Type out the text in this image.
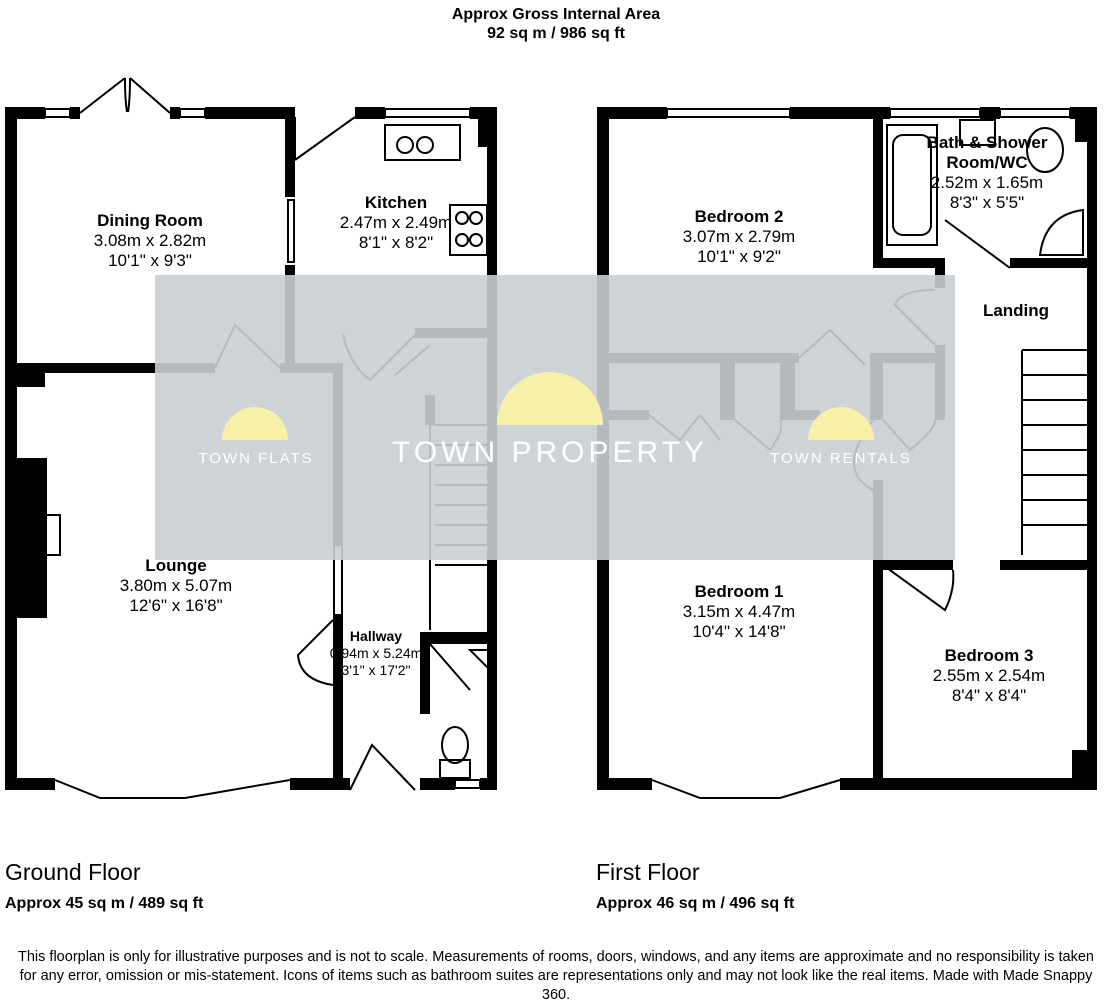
Approx Gross Internal Area
92 sq m / 986 sq ft
TOWN FLATS	TOWN PROPERTY	TOWN RENTALS
Dining Room
3.08m x 2.82m
10'1" x 9'3"
Kitchen
2.47m x 2.49m
8'1" x 8'2"
Lounge
3.80m x 5.07m
12'6" x 16'8"
Hallway
0.94m x 5.24m
3'1" x 17'2"
Bedroom 2
3.07m x 2.79m
10'1" x 9'2"
Bath & Shower
Room/WC
2.52m x 1.65m
8'3" x 5'5"
Landing
Bedroom 1
3.15m x 4.47m
10'4" x 14'8"
Bedroom 3
2.55m x 2.54m
8'4" x 8'4"
Ground Floor
Approx 45 sq m / 489 sq ft
First Floor
Approx 46 sq m / 496 sq ft
This floorplan is only for illustrative purposes and is not to scale. Measurements of rooms, doors, windows, and any items are approximate and no responsibility is taken for any error, omission or mis-statement. Icons of items such as bathroom suites are representations only and may not look like the real items. Made with Made Snappy 360.
